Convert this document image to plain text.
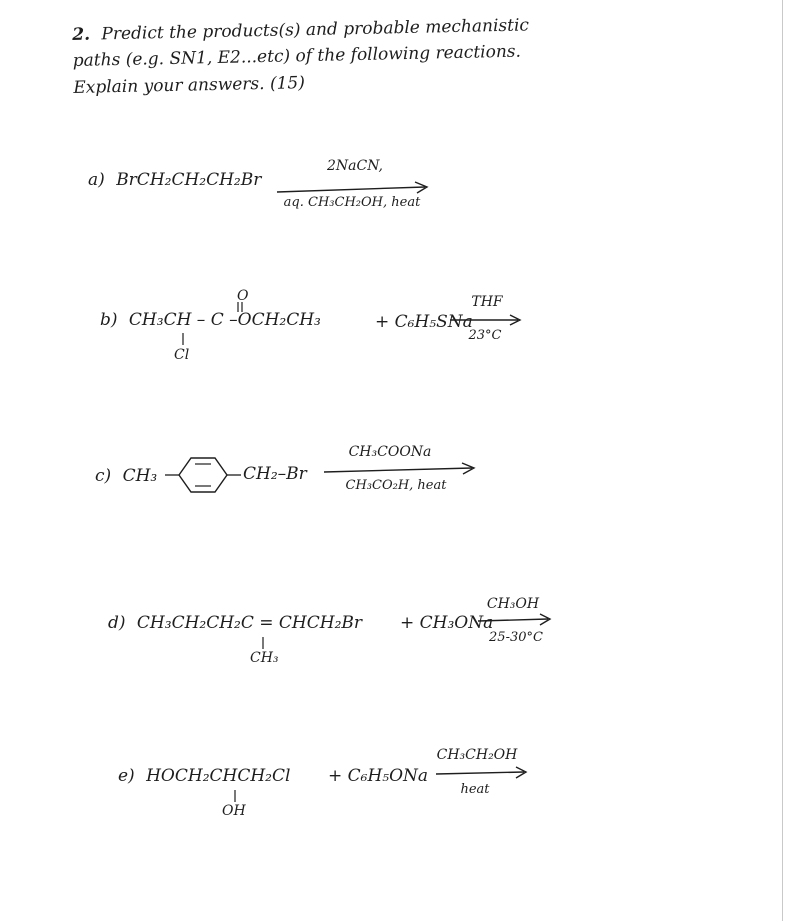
2. Predict the products(s) and probable mechanistic
paths (e.g. SN1, E2...etc) of the following reactions.
Explain your answers. (15)
a) BrCH₂CH₂CH₂Br
2NaCN,
aq. CH₃CH₂OH, heat
b) CH₃CH – C –OCH₂CH₃
O
Cl
+ C₆H₅SNa
THF
23°C
c) CH₃	CH₂–Br
CH₃COONa
CH₃CO₂H, heat
d) CH₃CH₂CH₂C = CHCH₂Br
CH₃
+ CH₃ONa
CH₃OH
25-30°C
e) HOCH₂CHCH₂Cl
OH
+ C₆H₅ONa
CH₃CH₂OH
heat
